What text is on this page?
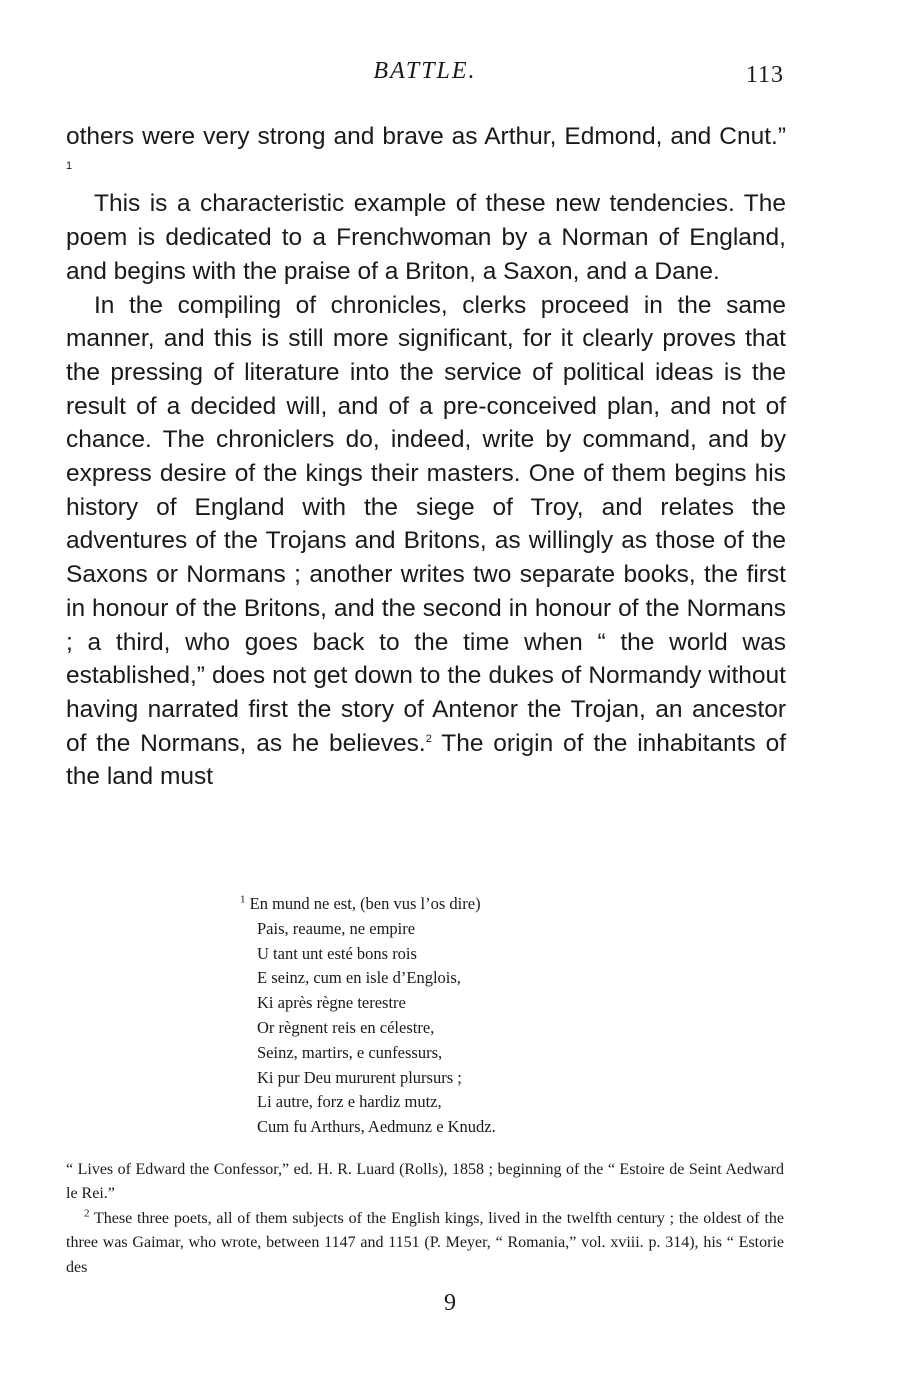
BATTLE.	113

others were very strong and brave as Arthur, Edmond, and Cnut.” $^1$

This is a characteristic example of these new tendencies. The poem is dedicated to a Frenchwoman by a Norman of England, and begins with the praise of a Briton, a Saxon, and a Dane.

In the compiling of chronicles, clerks proceed in the same manner, and this is still more significant, for it clearly proves that the pressing of literature into the service of political ideas is the result of a decided will, and of a pre-conceived plan, and not of chance. The chroniclers do, indeed, write by command, and by express desire of the kings their masters. One of them begins his history of England with the siege of Troy, and relates the adventures of the Trojans and Britons, as willingly as those of the Saxons or Normans ; another writes two separate books, the first in honour of the Britons, and the second in honour of the Normans ; a third, who goes back to the time when “ the world was established,” does not get down to the dukes of Normandy without having narrated first the story of Antenor the Trojan, an ancestor of the Normans, as he believes.$^2$ The origin of the inhabitants of the land must

$^1$ En mund ne est, (ben vus l’os dire)
Pais, reaume, ne empire
U tant unt esté bons rois
E seinz, cum en isle d’Englois,
Ki après règne terestre
Or règnent reis en célestre,
Seinz, martirs, e cunfessurs,
Ki pur Deu mururent plursurs ;
Li autre, forz e hardiz mutz,
Cum fu Arthurs, Aedmunz e Knudz.

“ Lives of Edward the Confessor,” ed. H. R. Luard (Rolls), 1858 ; beginning of the “ Estoire de Seint Aedward le Rei.”

$^2$ These three poets, all of them subjects of the English kings, lived in the twelfth century ; the oldest of the three was Gaimar, who wrote, between 1147 and 1151 (P. Meyer, “ Romania,” vol. xviii. p. 314), his “ Estorie des

9
